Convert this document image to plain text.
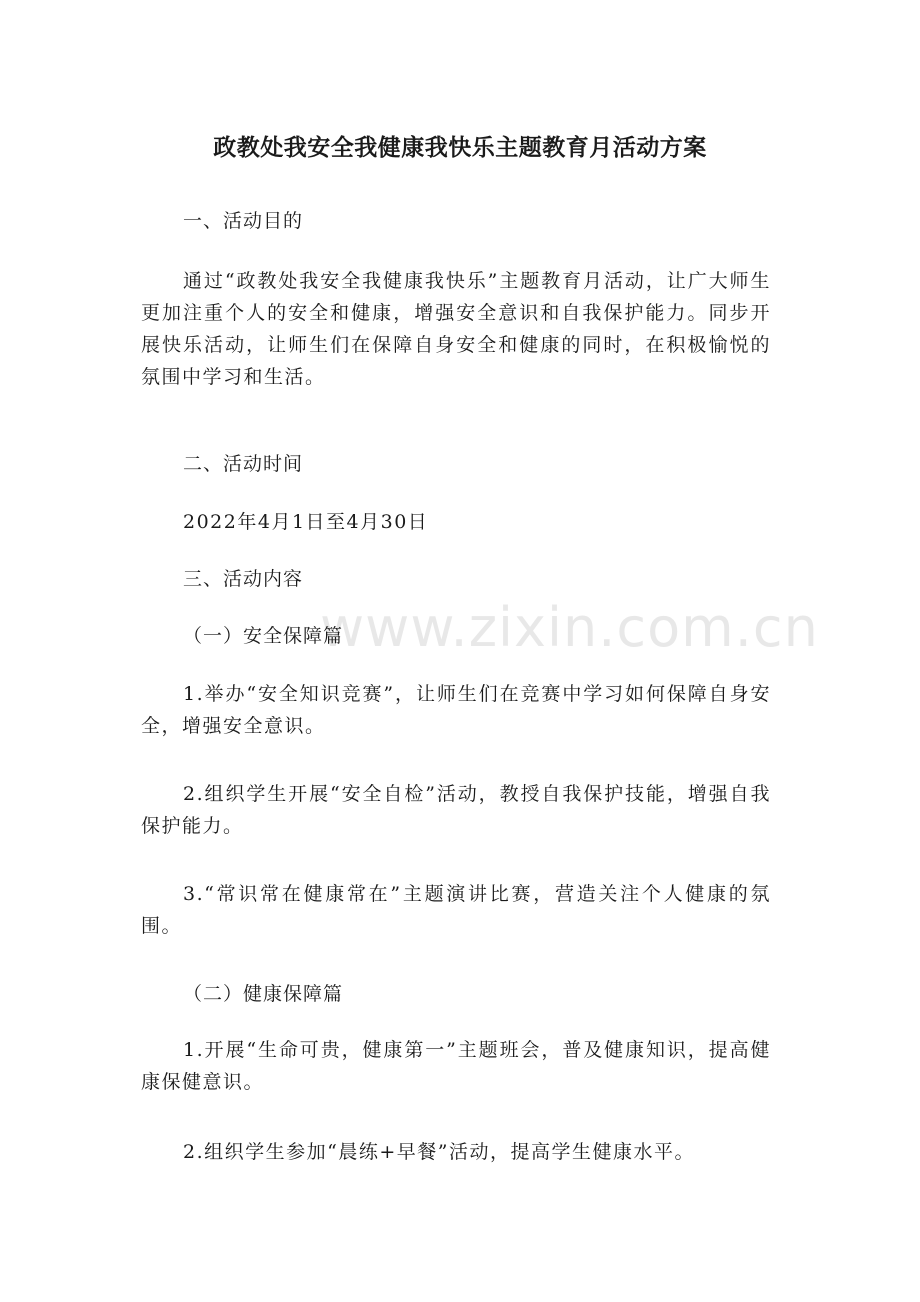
www.zixin.com.cn
政教处我安全我健康我快乐主题教育月活动方案
一、活动目的
通过“政教处我安全我健康我快乐”主题教育月活动，让广大师生更加注重个人的安全和健康，增强安全意识和自我保护能力。同步开展快乐活动，让师生们在保障自身安全和健康的同时，在积极愉悦的氛围中学习和生活。
二、活动时间
2022年4月1日至4月30日
三、活动内容
（一）安全保障篇
1.举办“安全知识竞赛”，让师生们在竞赛中学习如何保障自身安全，增强安全意识。
2.组织学生开展“安全自检”活动，教授自我保护技能，增强自我保护能力。
3.“常识常在健康常在”主题演讲比赛，营造关注个人健康的氛围。
（二）健康保障篇
1.开展“生命可贵，健康第一”主题班会，普及健康知识，提高健康保健意识。
2.组织学生参加“晨练+早餐”活动，提高学生健康水平。
